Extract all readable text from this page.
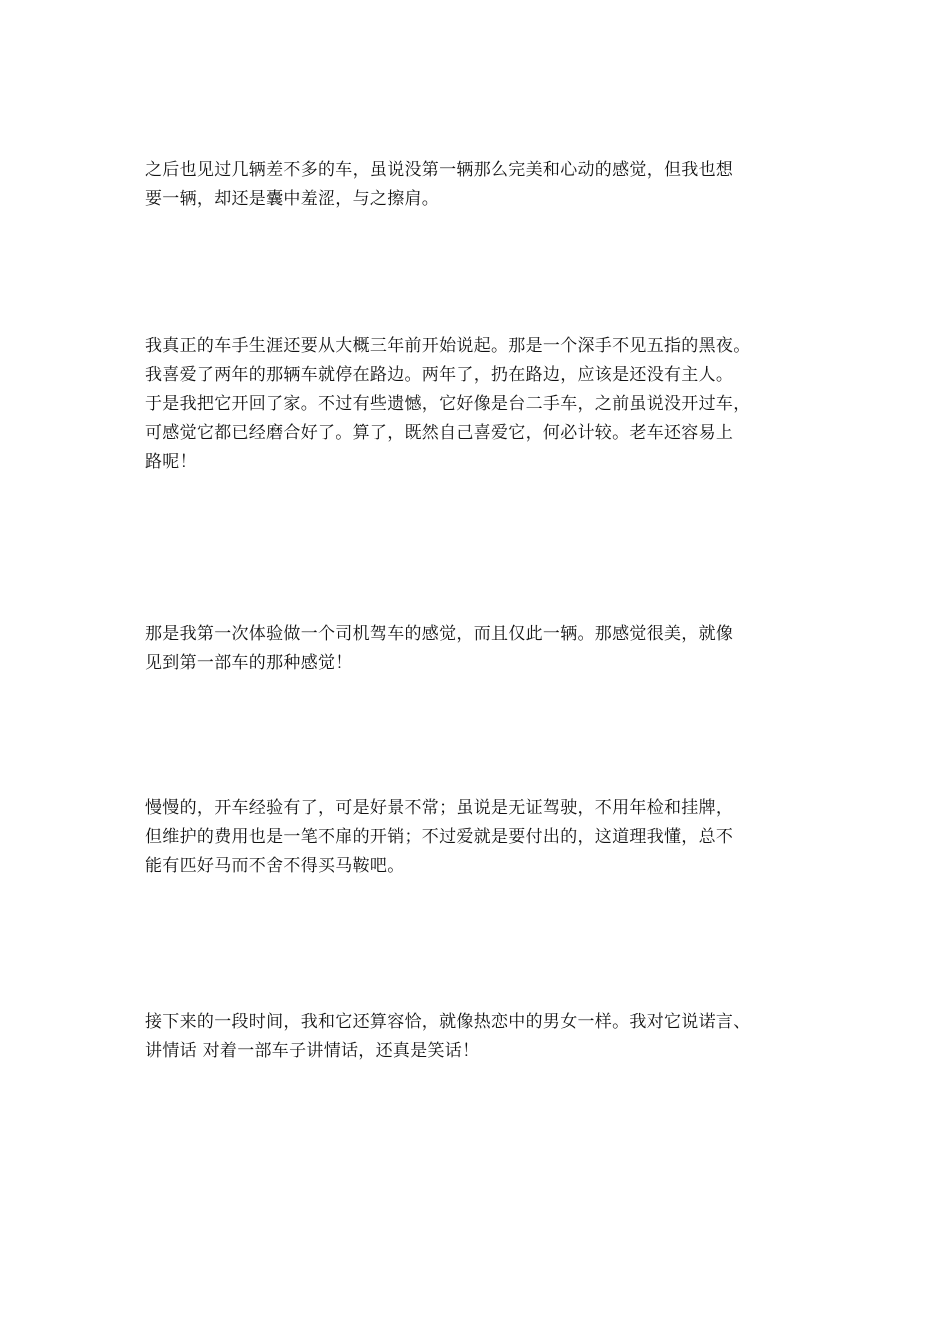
之后也见过几辆差不多的车，虽说没第一辆那么完美和心动的感觉，但我也想
要一辆，却还是囊中羞涩，与之擦肩。

我真正的车手生涯还要从大概三年前开始说起。那是一个深手不见五指的黑夜。
我喜爱了两年的那辆车就停在路边。两年了，扔在路边，应该是还没有主人。
于是我把它开回了家。不过有些遗憾，它好像是台二手车，之前虽说没开过车，
可感觉它都已经磨合好了。算了，既然自己喜爱它，何必计较。老车还容易上
路呢！

那是我第一次体验做一个司机驾车的感觉，而且仅此一辆。那感觉很美，就像
见到第一部车的那种感觉！

慢慢的，开车经验有了，可是好景不常；虽说是无证驾驶，不用年检和挂牌，
但维护的费用也是一笔不扉的开销；不过爱就是要付出的，这道理我懂，总不
能有匹好马而不舍不得买马鞍吧。

接下来的一段时间，我和它还算容恰，就像热恋中的男女一样。我对它说诺言、
讲情话 对着一部车子讲情话，还真是笑话！
